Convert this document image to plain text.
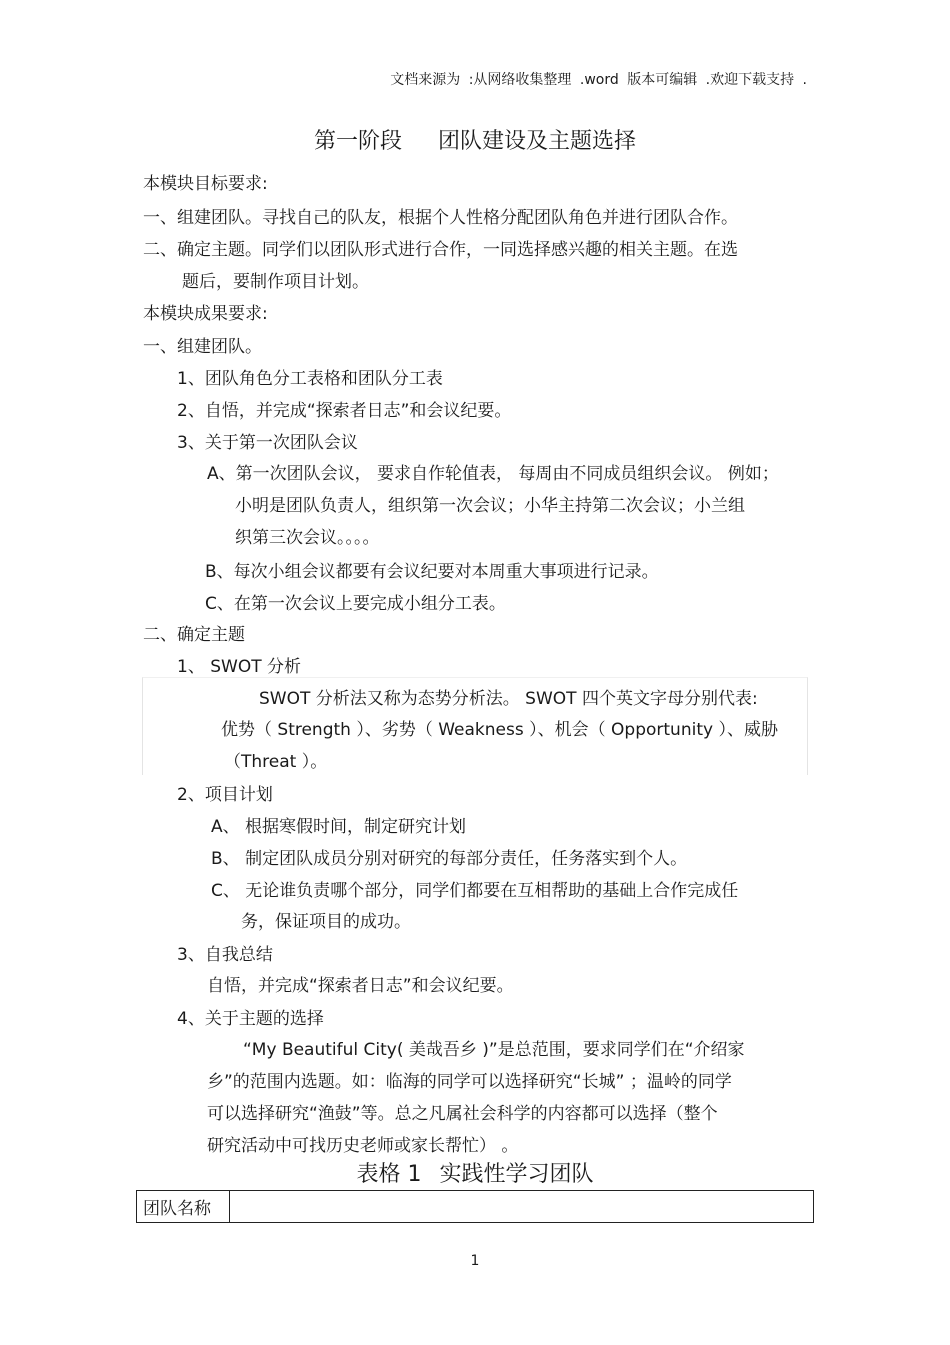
文档来源为 :从网络收集整理 .word 版本可编辑 .欢迎下载支持 .
第一阶段 团队建设及主题选择
本模块目标要求:
一、组建团队。寻找自己的队友，根据个人性格分配团队角色并进行团队合作。
二、确定主题。同学们以团队形式进行合作，一同选择感兴趣的相关主题。在选
题后，要制作项目计划。
本模块成果要求:
一、组建团队。
1、团队角色分工表格和团队分工表
2、自悟，并完成“探索者日志”和会议纪要。
3、关于第一次团队会议
A、第一次团队会议， 要求自作轮值表， 每周由不同成员组织会议。 例如；
小明是团队负责人，组织第一次会议；小华主持第二次会议；小兰组
织第三次会议。。。。
B、每次小组会议都要有会议纪要对本周重大事项进行记录。
C、在第一次会议上要完成小组分工表。
二、确定主题
1、 SWOT 分析
SWOT 分析法又称为态势分析法。 SWOT 四个英文字母分别代表:
优势（ Strength ）、劣势（ Weakness ）、机会（ Opportunity ）、威胁
（Threat ）。
2、项目计划
A、 根据寒假时间，制定研究计划
B、 制定团队成员分别对研究的每部分责任，任务落实到个人。
C、 无论谁负责哪个部分，同学们都要在互相帮助的基础上合作完成任
务，保证项目的成功。
3、自我总结
自悟，并完成“探索者日志”和会议纪要。
4、关于主题的选择
“My Beautiful City( 美哉吾乡 )”是总范围，要求同学们在“介绍家
乡”的范围内选题。如：临海的同学可以选择研究“长城” ；温岭的同学
可以选择研究“渔鼓”等。总之凡属社会科学的内容都可以选择（整个
研究活动中可找历史老师或家长帮忙） 。
表格 1 实践性学习团队
团队名称	
1
